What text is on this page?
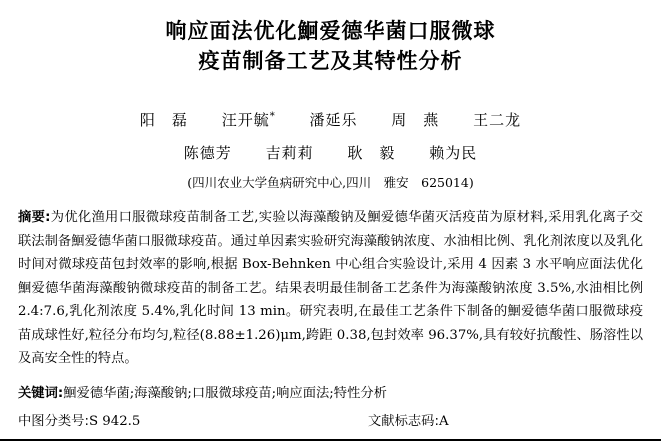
响应面法优化鮰爱德华菌口服微球
疫苗制备工艺及其特性分析
阳　磊 汪开毓* 潘延乐 周　燕 王二龙
陈德芳 吉莉莉 耿　毅 赖为民
(四川农业大学鱼病研究中心,四川　雅安　625014)
摘要:为优化渔用口服微球疫苗制备工艺,实验以海藻酸钠及鮰爱德华菌灭活疫苗为原材料,采用乳化离子交联法制备鮰爱德华菌口服微球疫苗。通过单因素实验研究海藻酸钠浓度、水油相比例、乳化剂浓度以及乳化时间对微球疫苗包封效率的影响,根据 Box-Behnken 中心组合实验设计,采用 4 因素 3 水平响应面法优化鮰爱德华菌海藻酸钠微球疫苗的制备工艺。结果表明最佳制备工艺条件为海藻酸钠浓度 3.5%,水油相比例 2.4:7.6,乳化剂浓度 5.4%,乳化时间 13 min。研究表明,在最佳工艺条件下制备的鮰爱德华菌口服微球疫苗成球性好,粒径分布均匀,粒径(8.88±1.26)μm,跨距 0.38,包封效率 96.37%,具有较好抗酸性、肠溶性以及高安全性的特点。
关键词:鮰爱德华菌;海藻酸钠;口服微球疫苗;响应面法;特性分析
中图分类号:S 942.5	文献标志码:A
